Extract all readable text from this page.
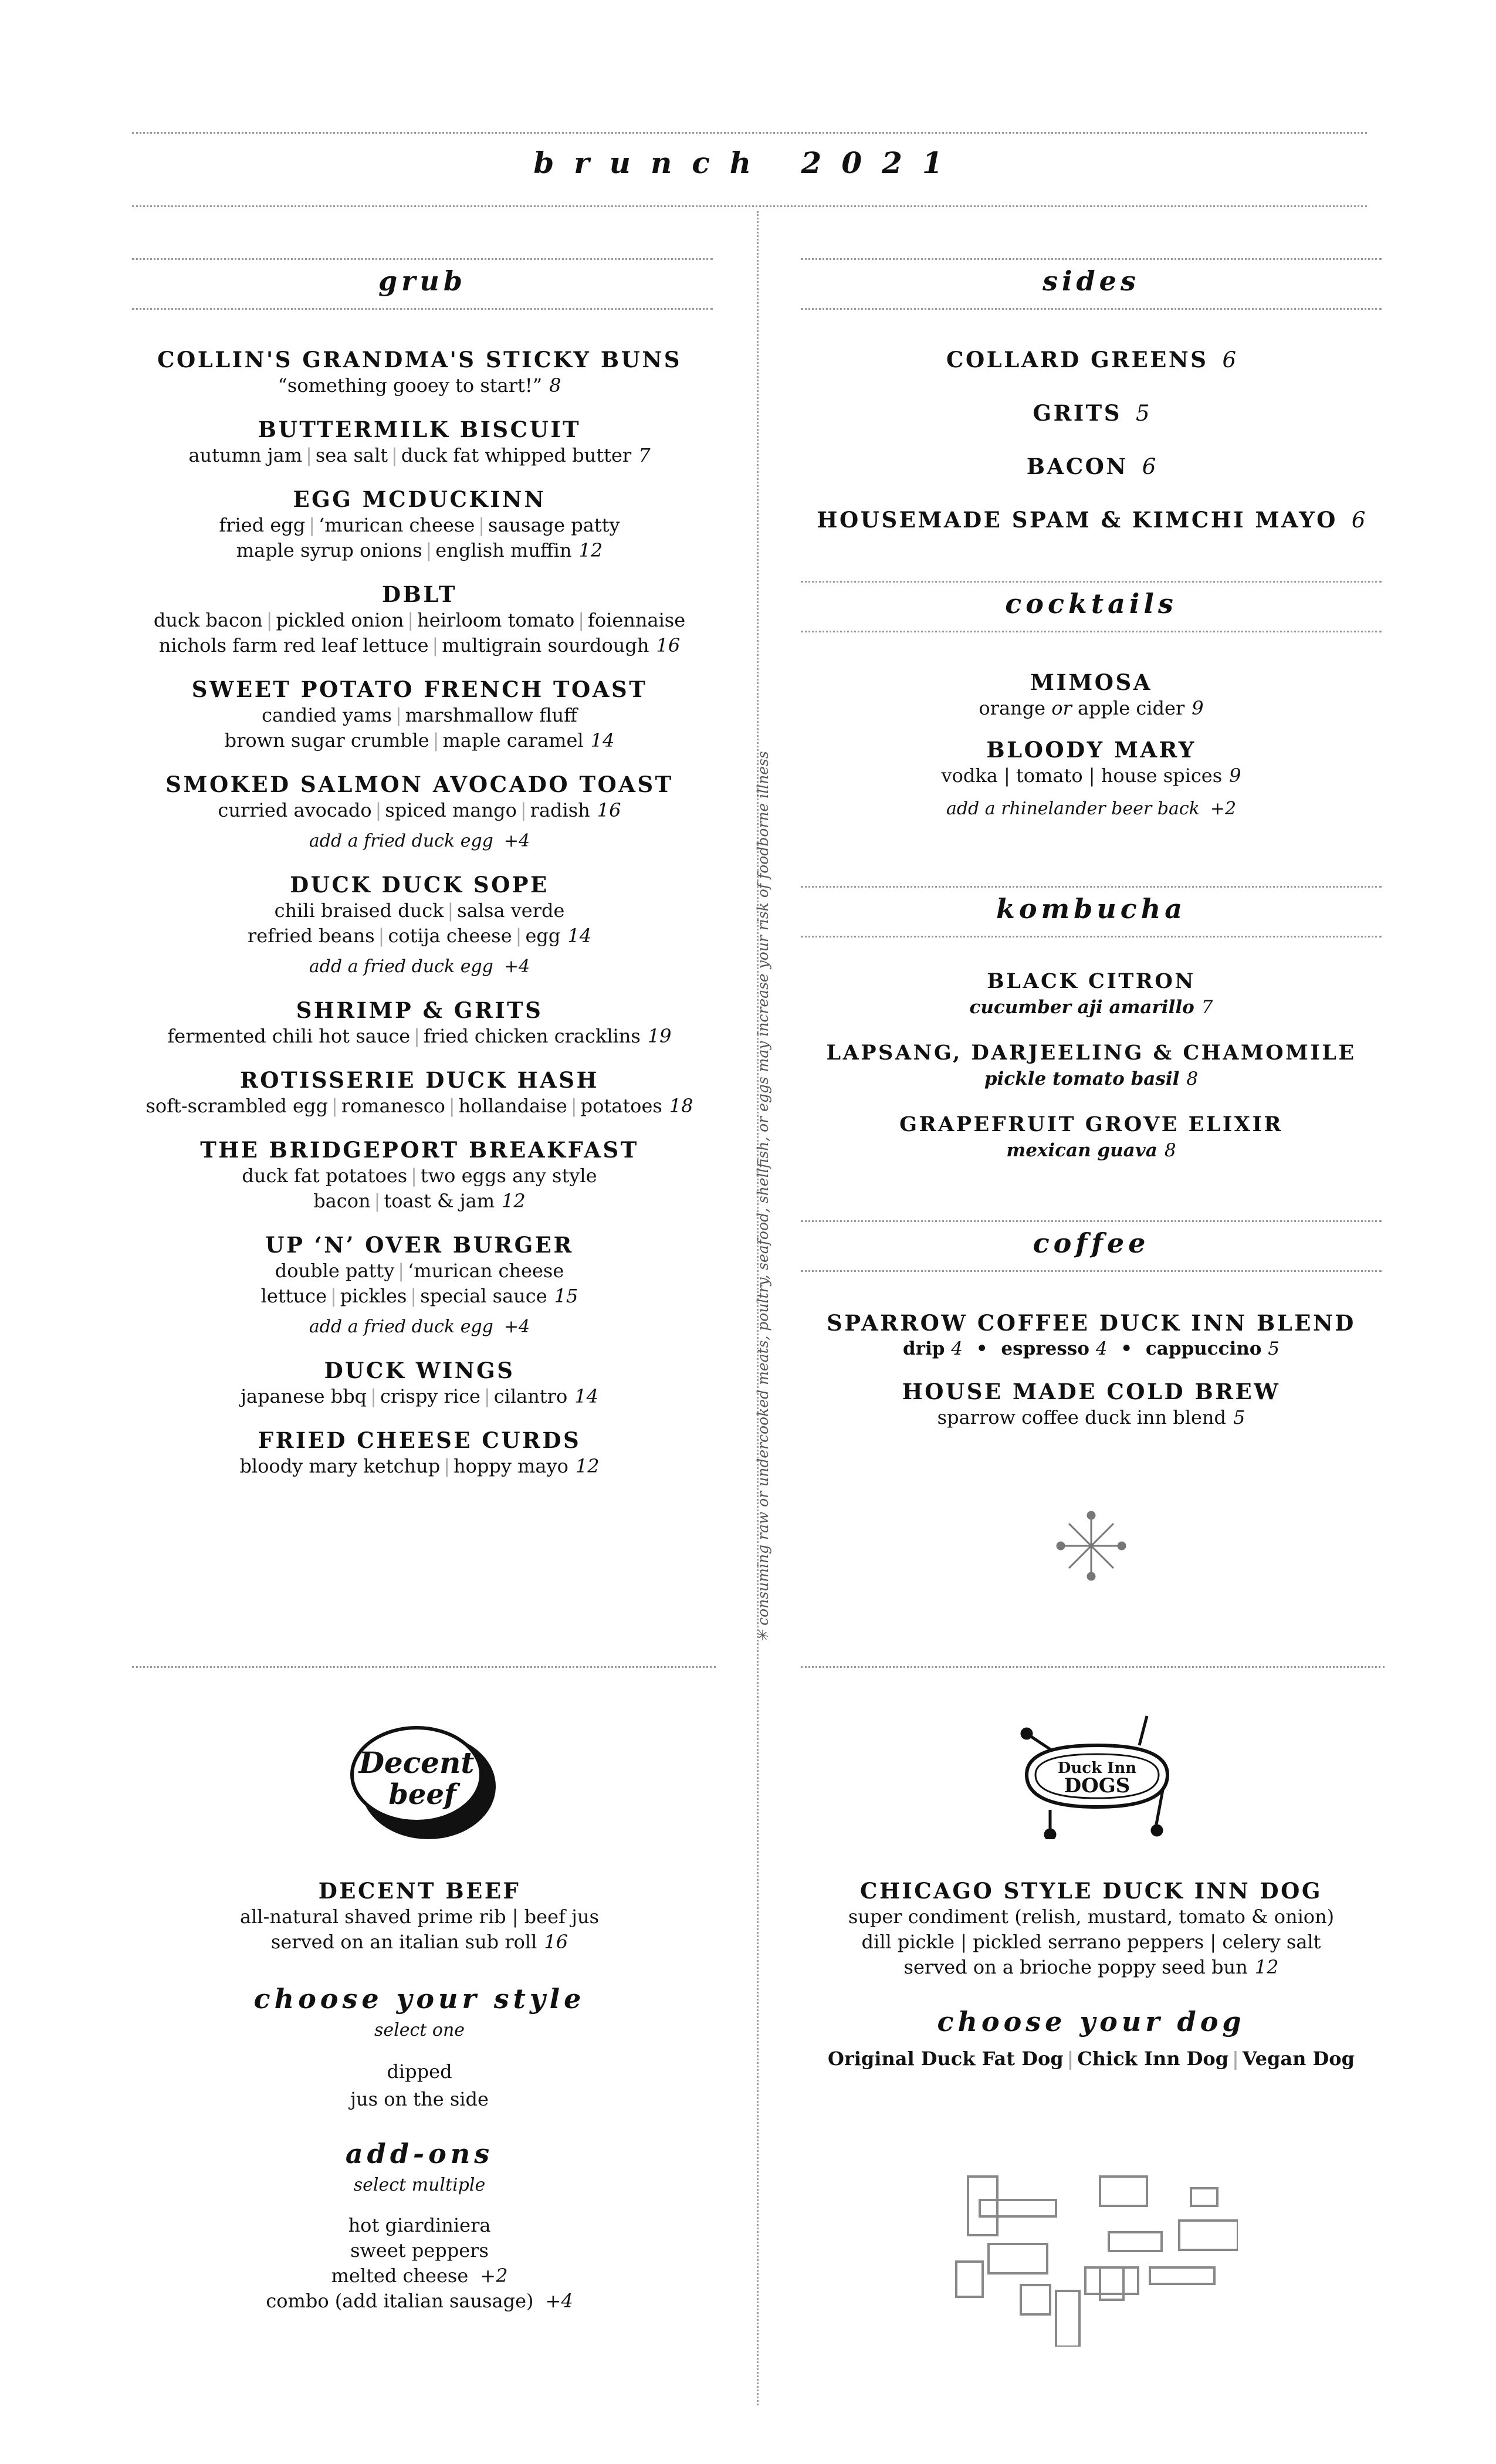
brunch 2021
✳ consuming raw or undercooked meats, poultry, seafood, shellfish, or eggs may increase your risk of foodborne illness
grub	sides
COLLIN'S GRANDMA'S STICKY BUNS
“something gooey to start!” 8
BUTTERMILK BISCUIT
autumn jam | sea salt | duck fat whipped butter 7
EGG MCDUCKINN
fried egg | ‘murican cheese | sausage patty
maple syrup onions | english muffin 12
DBLT
duck bacon | pickled onion | heirloom tomato | foiennaise
nichols farm red leaf lettuce | multigrain sourdough 16
SWEET POTATO FRENCH TOAST
candied yams | marshmallow fluff
brown sugar crumble | maple caramel 14
SMOKED SALMON AVOCADO TOAST
curried avocado | spiced mango | radish 16
add a fried duck egg +4
DUCK DUCK SOPE
chili braised duck | salsa verde
refried beans | cotija cheese | egg 14
add a fried duck egg +4
SHRIMP & GRITS
fermented chili hot sauce | fried chicken cracklins 19
ROTISSERIE DUCK HASH
soft-scrambled egg | romanesco | hollandaise | potatoes 18
THE BRIDGEPORT BREAKFAST
duck fat potatoes | two eggs any style
bacon | toast & jam 12
UP ‘N’ OVER BURGER
double patty | ‘murican cheese
lettuce | pickles | special sauce 15
add a fried duck egg +4
DUCK WINGS
japanese bbq | crispy rice | cilantro 14
FRIED CHEESE CURDS
bloody mary ketchup | hoppy mayo 12
COLLARD GREENS 6
GRITS 5
BACON 6
HOUSEMADE SPAM & KIMCHI MAYO 6
cocktails
MIMOSA
orange or apple cider 9
BLOODY MARY
vodka | tomato | house spices 9
add a rhinelander beer back +2
kombucha
BLACK CITRON
cucumber aji amarillo 7
LAPSANG, DARJEELING & CHAMOMILE
pickle tomato basil 8
GRAPEFRUIT GROVE ELIXIR
mexican guava 8
coffee
SPARROW COFFEE DUCK INN BLEND
drip 4 • espresso 4 • cappuccino 5
HOUSE MADE COLD BREW
sparrow coffee duck inn blend 5
Decent
beef
Duck Inn
DOGS
DECENT BEEF
all-natural shaved prime rib | beef jus
served on an italian sub roll 16
choose your style
select one
dipped
jus on the side
add-ons
select multiple
hot giardiniera
sweet peppers
melted cheese +2
combo (add italian sausage) +4
CHICAGO STYLE DUCK INN DOG
super condiment (relish, mustard, tomato & onion)
dill pickle | pickled serrano peppers | celery salt
served on a brioche poppy seed bun 12
choose your dog
Original Duck Fat Dog | Chick Inn Dog | Vegan Dog
